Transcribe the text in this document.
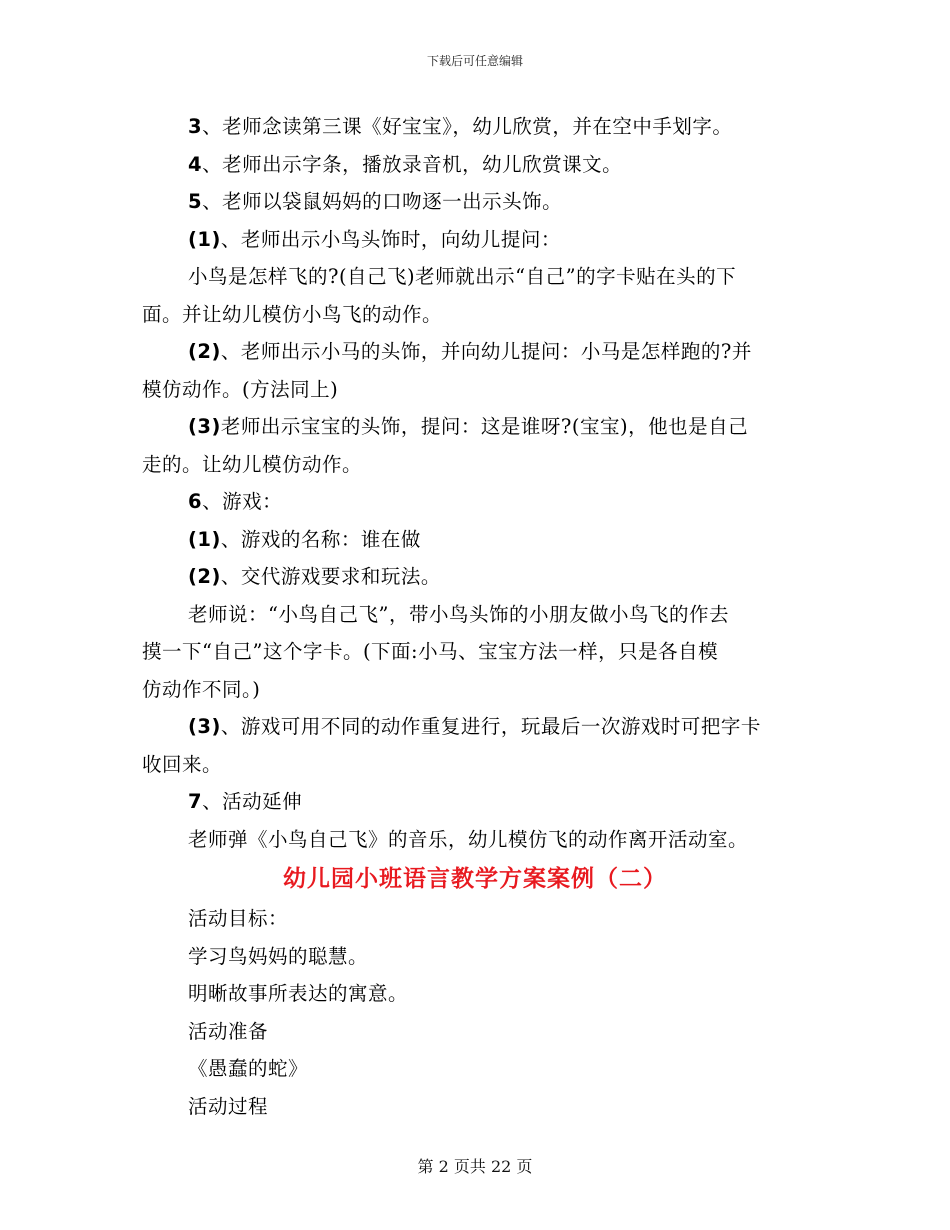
下载后可任意编辑
3、老师念读第三课《好宝宝》，幼儿欣赏，并在空中手划字。
4、老师出示字条，播放录音机，幼儿欣赏课文。
5、老师以袋鼠妈妈的口吻逐一出示头饰。
(1)、老师出示小鸟头饰时，向幼儿提问：
小鸟是怎样飞的?(自己飞)老师就出示“自己”的字卡贴在头的下
面。并让幼儿模仿小鸟飞的动作。
(2)、老师出示小马的头饰，并向幼儿提问：小马是怎样跑的?并
模仿动作。(方法同上)
(3)老师出示宝宝的头饰，提问：这是谁呀?(宝宝)，他也是自己
走的。让幼儿模仿动作。
6、游戏：
(1)、游戏的名称：谁在做
(2)、交代游戏要求和玩法。
老师说：“小鸟自己飞”，带小鸟头饰的小朋友做小鸟飞的作去
摸一下“自己”这个字卡。(下面:小马、宝宝方法一样，只是各自模
仿动作不同。)
(3)、游戏可用不同的动作重复进行，玩最后一次游戏时可把字卡
收回来。
7、活动延伸
老师弹《小鸟自己飞》的音乐，幼儿模仿飞的动作离开活动室。
幼儿园小班语言教学方案案例（二）
活动目标：
学习鸟妈妈的聪慧。
明晰故事所表达的寓意。
活动准备
《愚蠢的蛇》
活动过程
第 2 页共 22 页
